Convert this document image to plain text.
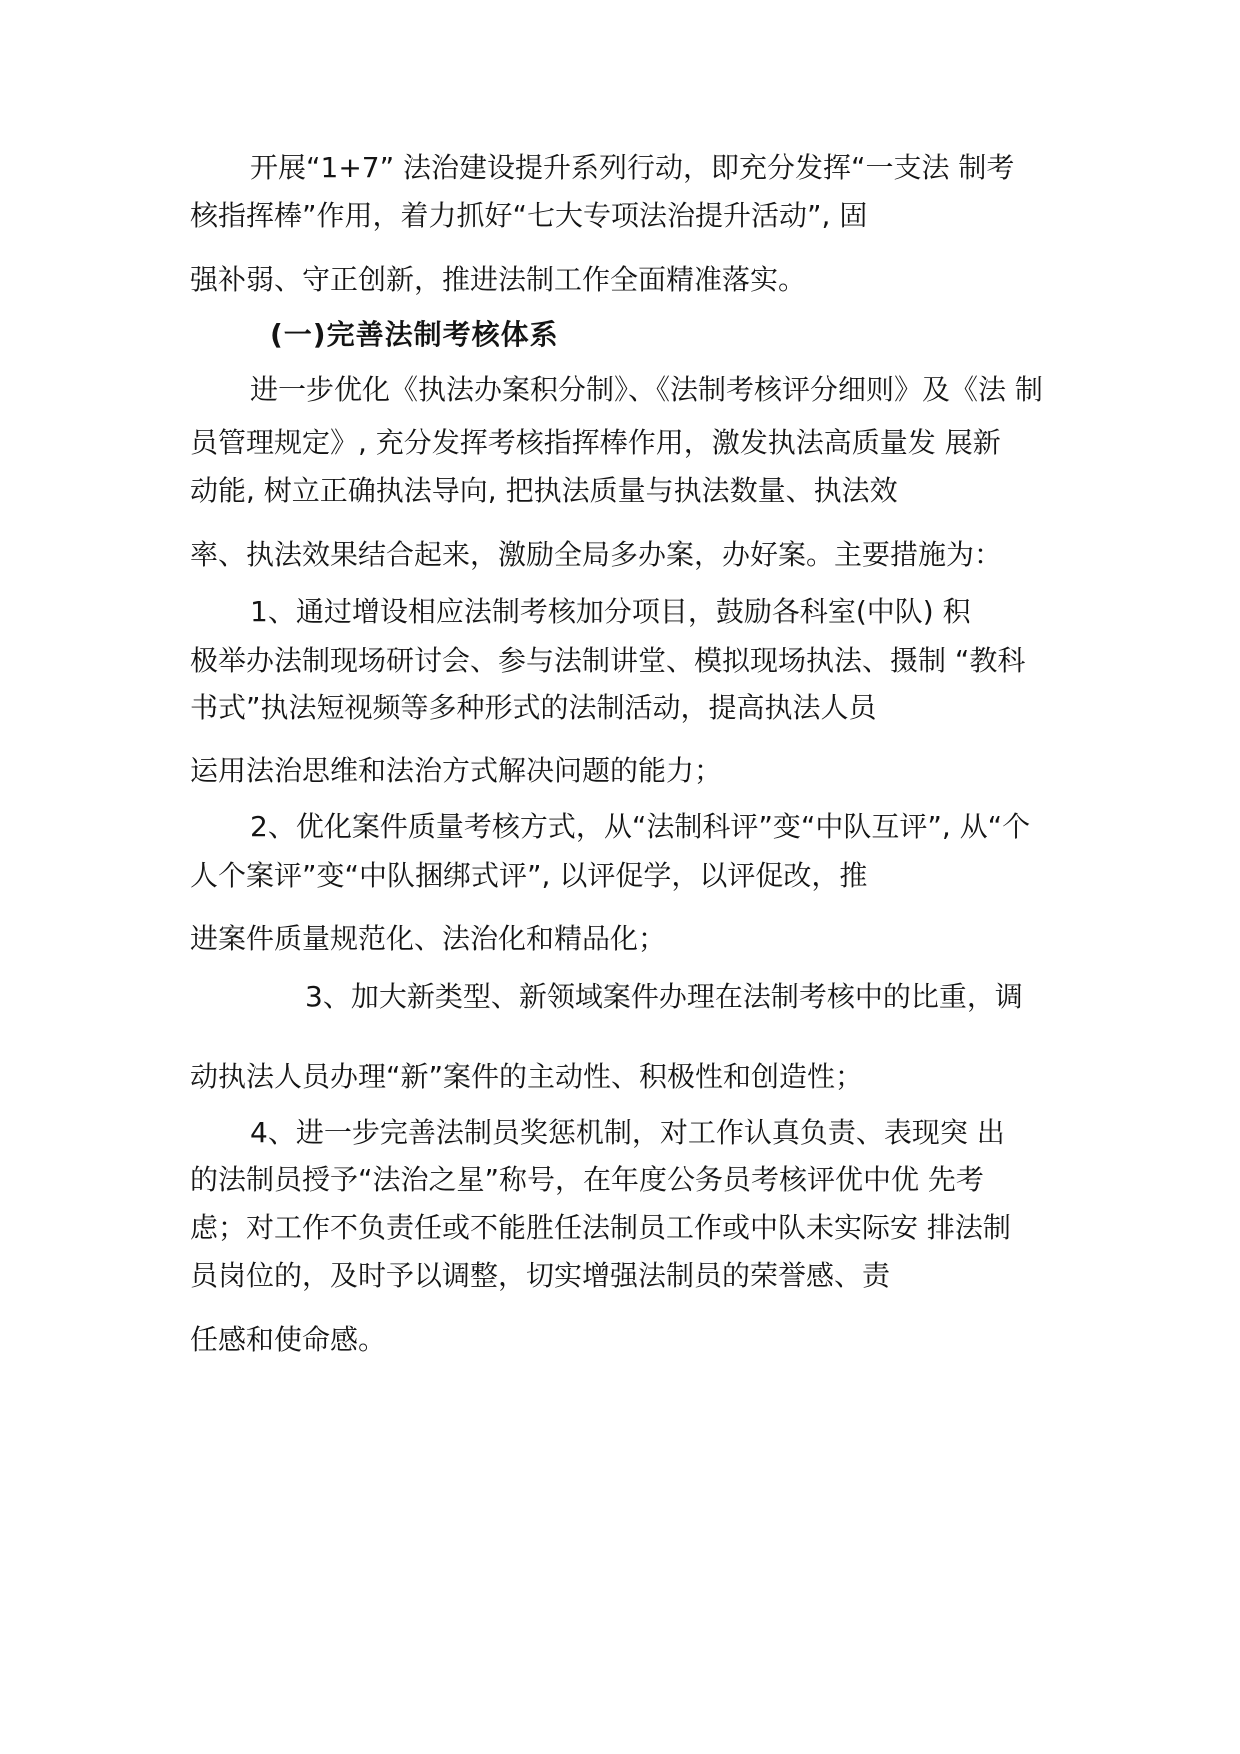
开展“1+7” 法治建设提升系列行动，即充分发挥“一支法 制考
核指挥棒”作用，着力抓好“七大专项法治提升活动”, 固
强补弱、守正创新，推进法制工作全面精准落实。
(一)完善法制考核体系
进一步优化《执法办案积分制》、《法制考核评分细则》及《法 制
员管理规定》, 充分发挥考核指挥棒作用，激发执法高质量发 展新
动能, 树立正确执法导向, 把执法质量与执法数量、执法效
率、执法效果结合起来，激励全局多办案，办好案。主要措施为：
1、通过增设相应法制考核加分项目，鼓励各科室(中队) 积
极举办法制现场研讨会、参与法制讲堂、模拟现场执法、摄制 “教科
书式”执法短视频等多种形式的法制活动，提高执法人员
运用法治思维和法治方式解决问题的能力；
2、优化案件质量考核方式，从“法制科评”变“中队互评”, 从“个
人个案评”变“中队捆绑式评”, 以评促学，以评促改，推
进案件质量规范化、法治化和精品化；
3、加大新类型、新领域案件办理在法制考核中的比重，调
动执法人员办理“新”案件的主动性、积极性和创造性；
4、进一步完善法制员奖惩机制，对工作认真负责、表现突 出
的法制员授予“法治之星”称号，在年度公务员考核评优中优 先考
虑；对工作不负责任或不能胜任法制员工作或中队未实际安 排法制
员岗位的，及时予以调整，切实增强法制员的荣誉感、责
任感和使命感。
